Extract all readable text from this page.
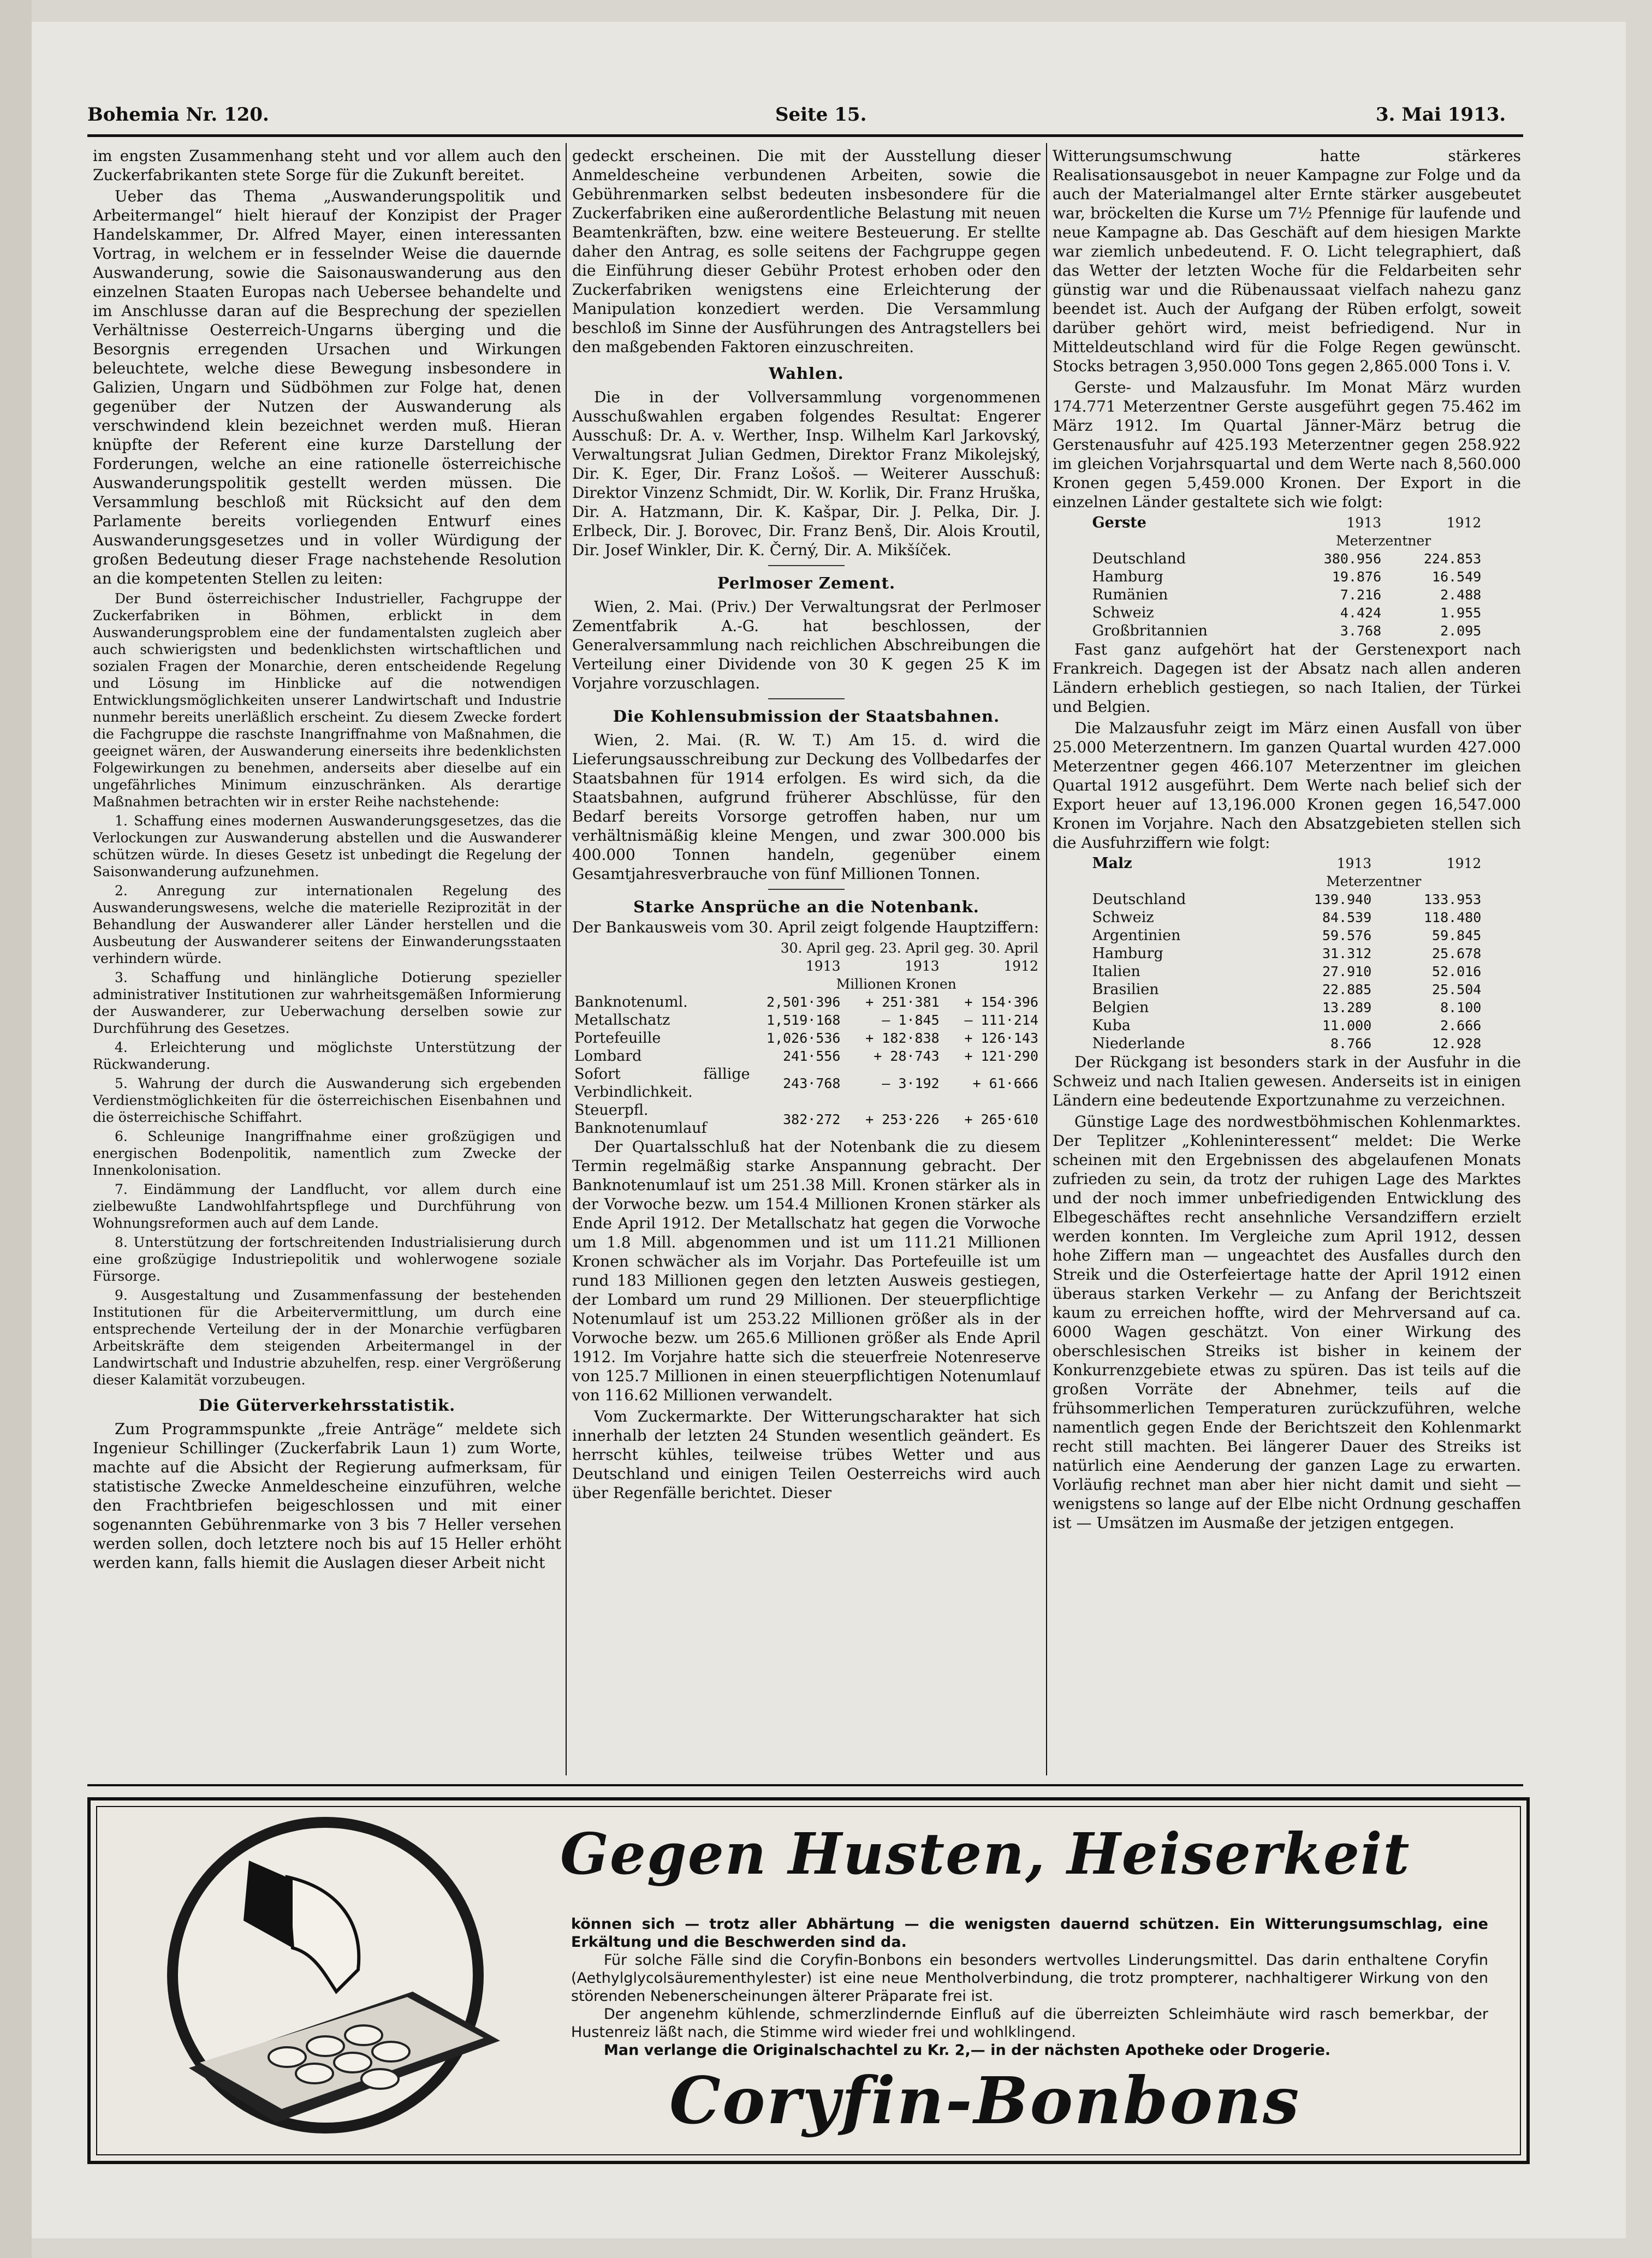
Bohemia Nr. 120.	Seite 15.	3. Mai 1913.

im engsten Zusammenhang steht und vor allem auch den Zuckerfabrikanten stete Sorge für die Zukunft bereitet.

Ueber das Thema „Auswanderungspolitik und Arbeitermangel“ hielt hierauf der Konzipist der Prager Handelskammer, Dr. Alfred Mayer, einen interessanten Vortrag, in welchem er in fesselnder Weise die dauernde Auswanderung, sowie die Saisonauswanderung aus den einzelnen Staaten Europas nach Uebersee behandelte und im Anschlusse daran auf die Besprechung der speziellen Verhältnisse Oesterreich-Ungarns überging und die Besorgnis erregenden Ursachen und Wirkungen beleuchtete, welche diese Bewegung insbesondere in Galizien, Ungarn und Südböhmen zur Folge hat, denen gegenüber der Nutzen der Auswanderung als verschwindend klein bezeichnet werden muß. Hieran knüpfte der Referent eine kurze Darstellung der Forderungen, welche an eine rationelle österreichische Auswanderungspolitik gestellt werden müssen. Die Versammlung beschloß mit Rücksicht auf den dem Parlamente bereits vorliegenden Entwurf eines Auswanderungsgesetzes und in voller Würdigung der großen Bedeutung dieser Frage nachstehende Resolution an die kompetenten Stellen zu leiten:

Der Bund österreichischer Industrieller, Fachgruppe der Zuckerfabriken in Böhmen, erblickt in dem Auswanderungsproblem eine der fundamentalsten zugleich aber auch schwierigsten und bedenklichsten wirtschaftlichen und sozialen Fragen der Monarchie, deren entscheidende Regelung und Lösung im Hinblicke auf die notwendigen Entwicklungsmöglichkeiten unserer Landwirtschaft und Industrie nunmehr bereits unerläßlich erscheint. Zu diesem Zwecke fordert die Fachgruppe die raschste Inangriffnahme von Maßnahmen, die geeignet wären, der Auswanderung einerseits ihre bedenklichsten Folgewirkungen zu benehmen, anderseits aber dieselbe auf ein ungefährliches Minimum einzuschränken. Als derartige Maßnahmen betrachten wir in erster Reihe nachstehende:

1. Schaffung eines modernen Auswanderungsgesetzes, das die Verlockungen zur Auswanderung abstellen und die Auswanderer schützen würde. In dieses Gesetz ist unbedingt die Regelung der Saisonwanderung aufzunehmen.

2. Anregung zur internationalen Regelung des Auswanderungswesens, welche die materielle Reziprozität in der Behandlung der Auswanderer aller Länder herstellen und die Ausbeutung der Auswanderer seitens der Einwanderungsstaaten verhindern würde.

3. Schaffung und hinlängliche Dotierung spezieller administrativer Institutionen zur wahrheitsgemäßen Informierung der Auswanderer, zur Ueberwachung derselben sowie zur Durchführung des Gesetzes.

4. Erleichterung und möglichste Unterstützung der Rückwanderung.

5. Wahrung der durch die Auswanderung sich ergebenden Verdienstmöglichkeiten für die österreichischen Eisenbahnen und die österreichische Schiffahrt.

6. Schleunige Inangriffnahme einer großzügigen und energischen Bodenpolitik, namentlich zum Zwecke der Innenkolonisation.

7. Eindämmung der Landflucht, vor allem durch eine zielbewußte Landwohlfahrtspflege und Durchführung von Wohnungsreformen auch auf dem Lande.

8. Unterstützung der fortschreitenden Industrialisierung durch eine großzügige Industriepolitik und wohlerwogene soziale Fürsorge.

9. Ausgestaltung und Zusammenfassung der bestehenden Institutionen für die Arbeitervermittlung, um durch eine entsprechende Verteilung der in der Monarchie verfügbaren Arbeitskräfte dem steigenden Arbeitermangel in der Landwirtschaft und Industrie abzuhelfen, resp. einer Vergrößerung dieser Kalamität vorzubeugen.

Die Güterverkehrsstatistik.

Zum Programmspunkte „freie Anträge“ meldete sich Ingenieur Schillinger (Zuckerfabrik Laun 1) zum Worte, machte auf die Absicht der Regierung aufmerksam, für statistische Zwecke Anmeldescheine einzuführen, welche den Frachtbriefen beigeschlossen und mit einer sogenannten Gebührenmarke von 3 bis 7 Heller versehen werden sollen, doch letztere noch bis auf 15 Heller erhöht werden kann, falls hiemit die Auslagen dieser Arbeit nicht

gedeckt erscheinen. Die mit der Ausstellung dieser Anmeldescheine verbundenen Arbeiten, sowie die Gebührenmarken selbst bedeuten insbesondere für die Zuckerfabriken eine außerordentliche Belastung mit neuen Beamtenkräften, bzw. eine weitere Besteuerung. Er stellte daher den Antrag, es solle seitens der Fachgruppe gegen die Einführung dieser Gebühr Protest erhoben oder den Zuckerfabriken wenigstens eine Erleichterung der Manipulation konzediert werden. Die Versammlung beschloß im Sinne der Ausführungen des Antragstellers bei den maßgebenden Faktoren einzuschreiten.

Wahlen.

Die in der Vollversammlung vorgenommenen Ausschußwahlen ergaben folgendes Resultat: Engerer Ausschuß: Dr. A. v. Werther, Insp. Wilhelm Karl Jarkovský, Verwaltungsrat Julian Gedmen, Direktor Franz Mikolejský, Dir. K. Eger, Dir. Franz Lošoš. — Weiterer Ausschuß: Direktor Vinzenz Schmidt, Dir. W. Korlik, Dir. Franz Hruška, Dir. A. Hatzmann, Dir. K. Kašpar, Dir. J. Pelka, Dir. J. Erlbeck, Dir. J. Borovec, Dir. Franz Benš, Dir. Alois Kroutil, Dir. Josef Winkler, Dir. K. Černý, Dir. A. Mikšíček.

Perlmoser Zement.

Wien, 2. Mai. (Priv.) Der Verwaltungsrat der Perlmoser Zementfabrik A.-G. hat beschlossen, der Generalversammlung nach reichlichen Abschreibungen die Verteilung einer Dividende von 30 K gegen 25 K im Vorjahre vorzuschlagen.

Die Kohlensubmission der Staatsbahnen.

Wien, 2. Mai. (R. W. T.) Am 15. d. wird die Lieferungsausschreibung zur Deckung des Vollbedarfes der Staatsbahnen für 1914 erfolgen. Es wird sich, da die Staatsbahnen, aufgrund früherer Abschlüsse, für den Bedarf bereits Vorsorge getroffen haben, nur um verhältnismäßig kleine Mengen, und zwar 300.000 bis 400.000 Tonnen handeln, gegenüber einem Gesamtjahresverbrauche von fünf Millionen Tonnen.

Starke Ansprüche an die Notenbank.

Der Bankausweis vom 30. April zeigt folgende Hauptziffern:

	30. April 1913	geg. 23. April 1913	geg. 30. April 1912
	Millionen Kronen		
Banknotenuml.	2,501·396	+ 251·381	+ 154·396
Metallschatz	1,519·168	— 1·845	— 111·214
Portefeuille	1,026·536	+ 182·838	+ 126·143
Lombard	241·556	+ 28·743	+ 121·290
Sofort fällige Verbindlichkeit.	243·768	— 3·192	+ 61·666
Steuerpfl. Banknotenumlauf	382·272	+ 253·226	+ 265·610

Der Quartalsschluß hat der Notenbank die zu diesem Termin regelmäßig starke Anspannung gebracht. Der Banknotenumlauf ist um 251.38 Mill. Kronen stärker als in der Vorwoche bezw. um 154.4 Millionen Kronen stärker als Ende April 1912. Der Metallschatz hat gegen die Vorwoche um 1.8 Mill. abgenommen und ist um 111.21 Millionen Kronen schwächer als im Vorjahr. Das Portefeuille ist um rund 183 Millionen gegen den letzten Ausweis gestiegen, der Lombard um rund 29 Millionen. Der steuerpflichtige Notenumlauf ist um 253.22 Millionen größer als in der Vorwoche bezw. um 265.6 Millionen größer als Ende April 1912. Im Vorjahre hatte sich die steuerfreie Notenreserve von 125.7 Millionen in einen steuerpflichtigen Notenumlauf von 116.62 Millionen verwandelt.

Vom Zuckermarkte. Der Witterungscharakter hat sich innerhalb der letzten 24 Stunden wesentlich geändert. Es herrscht kühles, teilweise trübes Wetter und aus Deutschland und einigen Teilen Oesterreichs wird auch über Regenfälle berichtet. Dieser

Witterungsumschwung hatte stärkeres Realisationsausgebot in neuer Kampagne zur Folge und da auch der Materialmangel alter Ernte stärker ausgebeutet war, bröckelten die Kurse um 7½ Pfennige für laufende und neue Kampagne ab. Das Geschäft auf dem hiesigen Markte war ziemlich unbedeutend. F. O. Licht telegraphiert, daß das Wetter der letzten Woche für die Feldarbeiten sehr günstig war und die Rübenaussaat vielfach nahezu ganz beendet ist. Auch der Aufgang der Rüben erfolgt, soweit darüber gehört wird, meist befriedigend. Nur in Mitteldeutschland wird für die Folge Regen gewünscht. Stocks betragen 3,950.000 Tons gegen 2,865.000 Tons i. V.

Gerste- und Malzausfuhr. Im Monat März wurden 174.771 Meterzentner Gerste ausgeführt gegen 75.462 im März 1912. Im Quartal Jänner-März betrug die Gerstenausfuhr auf 425.193 Meterzentner gegen 258.922 im gleichen Vorjahrsquartal und dem Werte nach 8,560.000 Kronen gegen 5,459.000 Kronen. Der Export in die einzelnen Länder gestaltete sich wie folgt:

Gerste	1913	1912
	Meterzentner	
Deutschland	380.956	224.853
Hamburg	19.876	16.549
Rumänien	7.216	2.488
Schweiz	4.424	1.955
Großbritannien	3.768	2.095

Fast ganz aufgehört hat der Gerstenexport nach Frankreich. Dagegen ist der Absatz nach allen anderen Ländern erheblich gestiegen, so nach Italien, der Türkei und Belgien.

Die Malzausfuhr zeigt im März einen Ausfall von über 25.000 Meterzentnern. Im ganzen Quartal wurden 427.000 Meterzentner gegen 466.107 Meterzentner im gleichen Quartal 1912 ausgeführt. Dem Werte nach belief sich der Export heuer auf 13,196.000 Kronen gegen 16,547.000 Kronen im Vorjahre. Nach den Absatzgebieten stellen sich die Ausfuhrziffern wie folgt:

Malz	1913	1912
	Meterzentner	
Deutschland	139.940	133.953
Schweiz	84.539	118.480
Argentinien	59.576	59.845
Hamburg	31.312	25.678
Italien	27.910	52.016
Brasilien	22.885	25.504
Belgien	13.289	8.100
Kuba	11.000	2.666
Niederlande	8.766	12.928

Der Rückgang ist besonders stark in der Ausfuhr in die Schweiz und nach Italien gewesen. Anderseits ist in einigen Ländern eine bedeutende Exportzunahme zu verzeichnen.

Günstige Lage des nordwestböhmischen Kohlenmarktes. Der Teplitzer „Kohleninteressent“ meldet: Die Werke scheinen mit den Ergebnissen des abgelaufenen Monats zufrieden zu sein, da trotz der ruhigen Lage des Marktes und der noch immer unbefriedigenden Entwicklung des Elbegeschäftes recht ansehnliche Versandziffern erzielt werden konnten. Im Vergleiche zum April 1912, dessen hohe Ziffern man — ungeachtet des Ausfalles durch den Streik und die Osterfeiertage hatte der April 1912 einen überaus starken Verkehr — zu Anfang der Berichtszeit kaum zu erreichen hoffte, wird der Mehrversand auf ca. 6000 Wagen geschätzt. Von einer Wirkung des oberschlesischen Streiks ist bisher in keinem der Konkurrenzgebiete etwas zu spüren. Das ist teils auf die großen Vorräte der Abnehmer, teils auf die frühsommerlichen Temperaturen zurückzuführen, welche namentlich gegen Ende der Berichtszeit den Kohlenmarkt recht still machten. Bei längerer Dauer des Streiks ist natürlich eine Aenderung der ganzen Lage zu erwarten. Vorläufig rechnet man aber hier nicht damit und sieht — wenigstens so lange auf der Elbe nicht Ordnung geschaffen ist — Umsätzen im Ausmaße der jetzigen entgegen.

Gegen Husten, Heiserkeit

können sich — trotz aller Abhärtung — die wenigsten dauernd schützen. Ein Witterungsumschlag, eine Erkältung und die Beschwerden sind da.

Für solche Fälle sind die Coryfin-Bonbons ein besonders wertvolles Linderungsmittel. Das darin enthaltene Coryfin (Aethylglycolsäurementhylester) ist eine neue Mentholverbindung, die trotz prompterer, nachhaltigerer Wirkung von den störenden Nebenerscheinungen älterer Präparate frei ist.

Der angenehm kühlende, schmerzlindernde Einfluß auf die überreizten Schleimhäute wird rasch bemerkbar, der Hustenreiz läßt nach, die Stimme wird wieder frei und wohlklingend.

Man verlange die Originalschachtel zu Kr. 2,— in der nächsten Apotheke oder Drogerie.

Coryfin-Bonbons
